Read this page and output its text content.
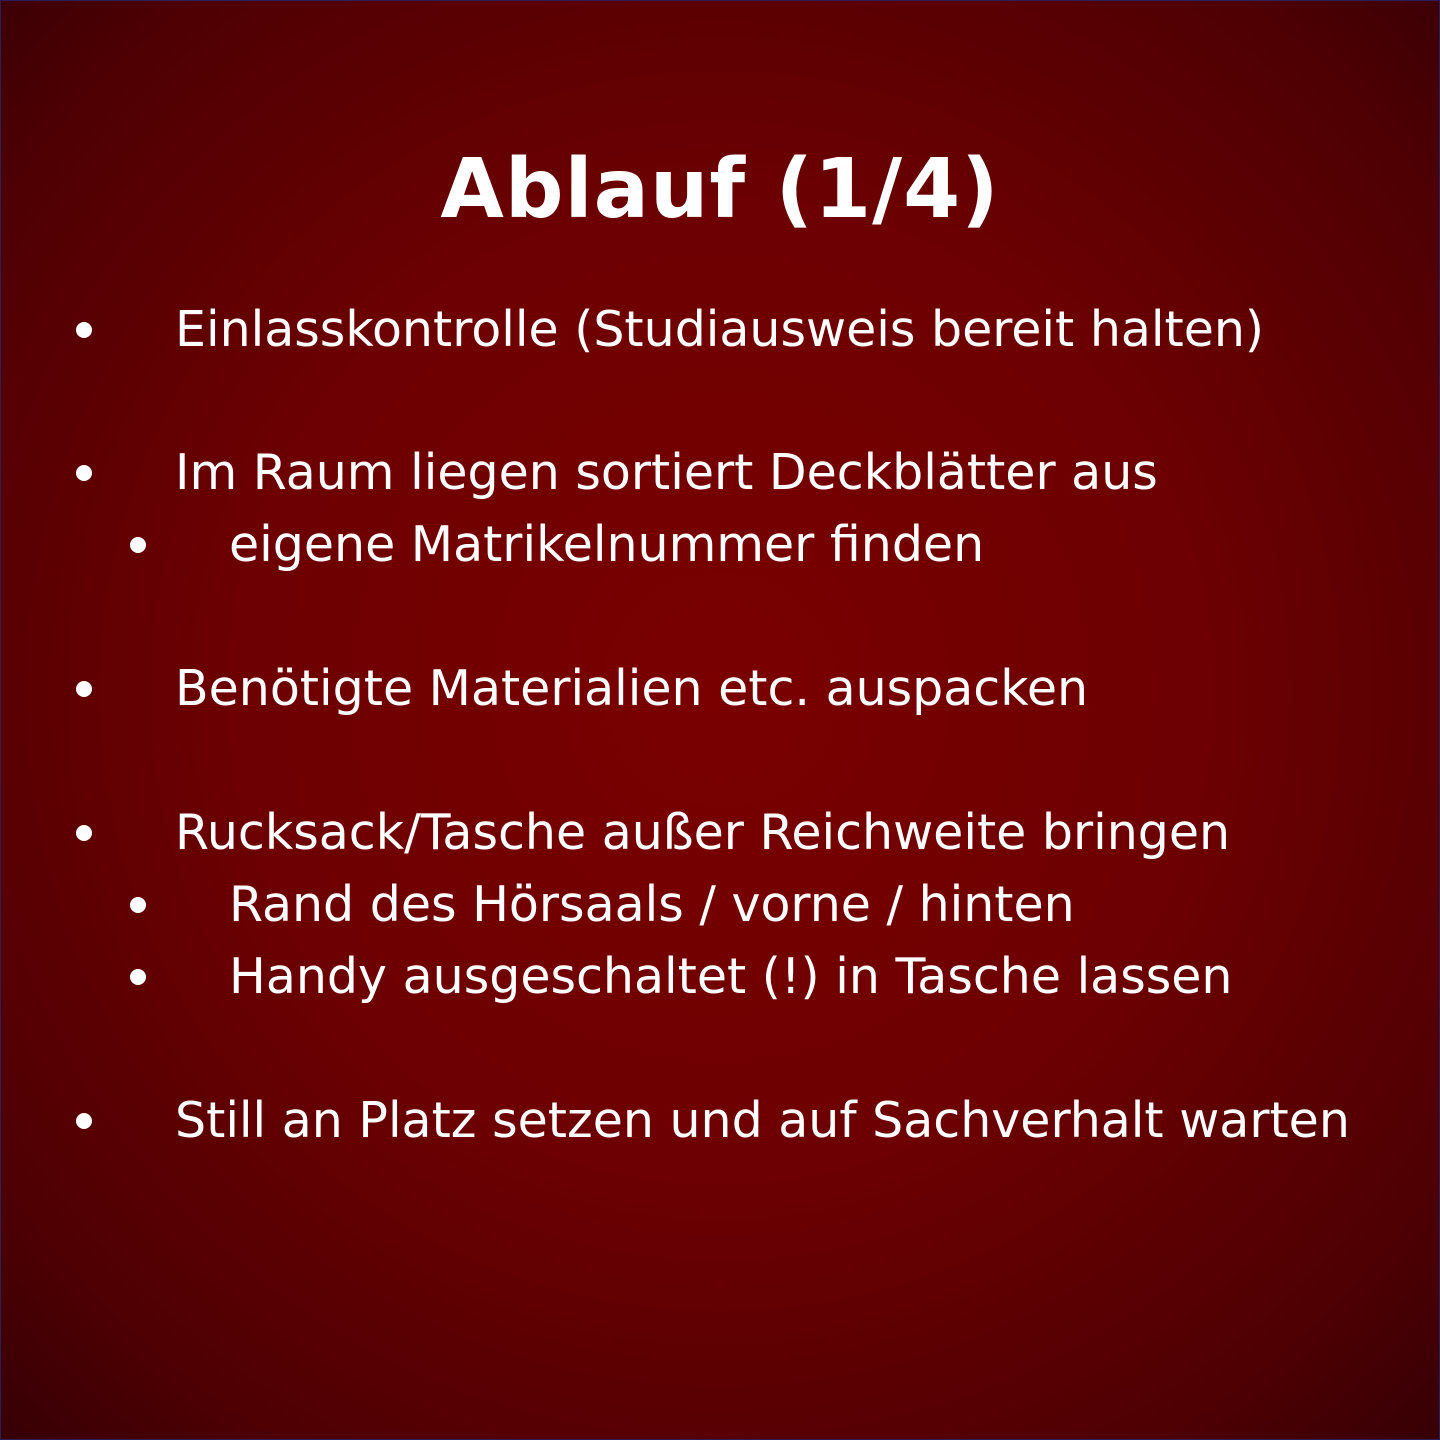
Ablauf (1/4)
Einlasskontrolle (Studiausweis bereit halten)
Im Raum liegen sortiert Deckblätter aus
eigene Matrikelnummer finden
Benötigte Materialien etc. auspacken
Rucksack/Tasche außer Reichweite bringen
Rand des Hörsaals / vorne / hinten
Handy ausgeschaltet (!) in Tasche lassen
Still an Platz setzen und auf Sachverhalt warten
